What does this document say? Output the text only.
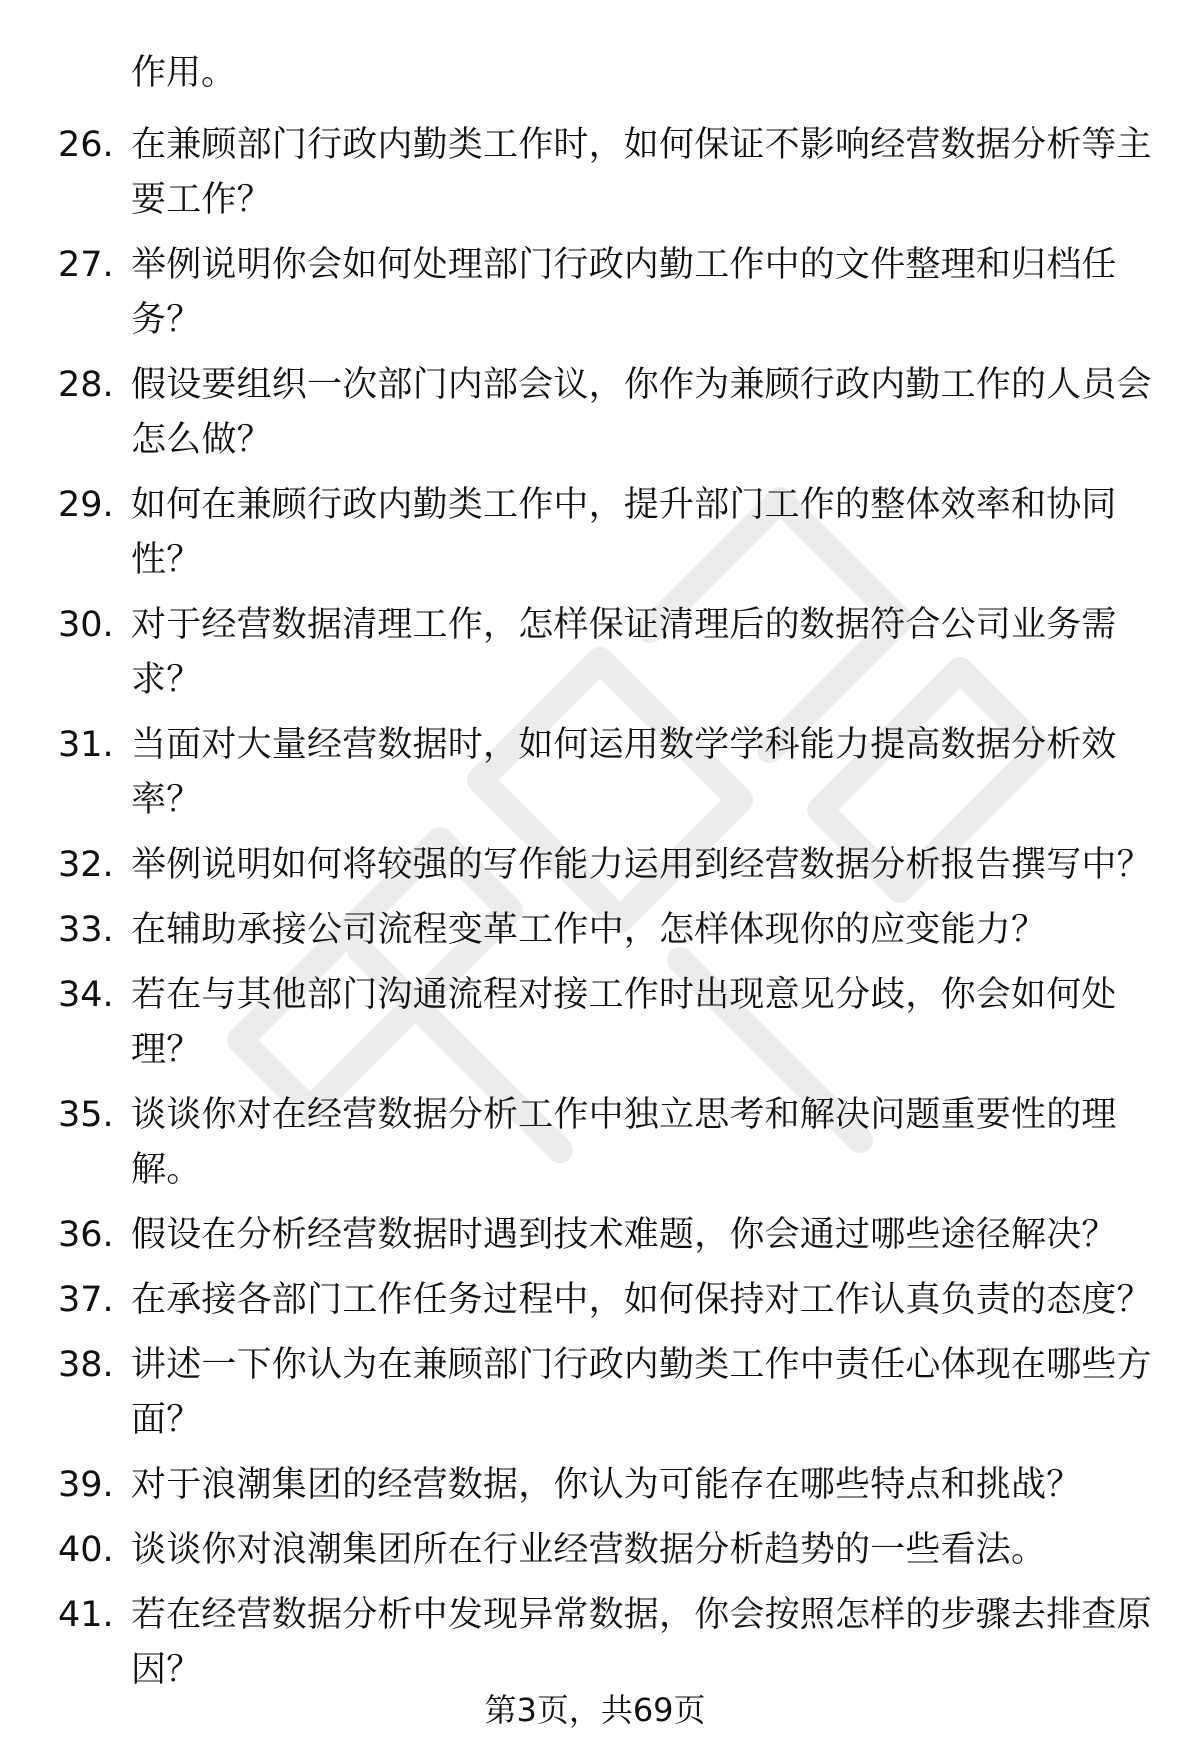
作用。

26. 在兼顾部门行政内勤类工作时，如何保证不影响经营数据分析等主要工作？
27. 举例说明你会如何处理部门行政内勤工作中的文件整理和归档任务？
28. 假设要组织一次部门内部会议，你作为兼顾行政内勤工作的人员会怎么做？
29. 如何在兼顾行政内勤类工作中，提升部门工作的整体效率和协同性？
30. 对于经营数据清理工作，怎样保证清理后的数据符合公司业务需求？
31. 当面对大量经营数据时，如何运用数学学科能力提高数据分析效率？
32. 举例说明如何将较强的写作能力运用到经营数据分析报告撰写中？
33. 在辅助承接公司流程变革工作中，怎样体现你的应变能力？
34. 若在与其他部门沟通流程对接工作时出现意见分歧，你会如何处理？
35. 谈谈你对在经营数据分析工作中独立思考和解决问题重要性的理解。
36. 假设在分析经营数据时遇到技术难题，你会通过哪些途径解决？
37. 在承接各部门工作任务过程中，如何保持对工作认真负责的态度？
38. 讲述一下你认为在兼顾部门行政内勤类工作中责任心体现在哪些方面？
39. 对于浪潮集团的经营数据，你认为可能存在哪些特点和挑战？
40. 谈谈你对浪潮集团所在行业经营数据分析趋势的一些看法。
41. 若在经营数据分析中发现异常数据，你会按照怎样的步骤去排查原因？
第3页，共69页
